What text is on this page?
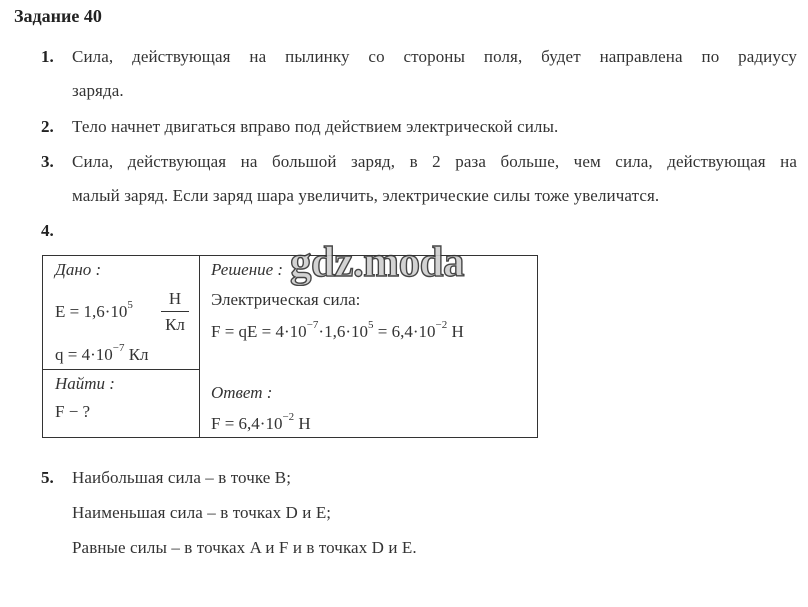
Задание 40
1. Сила, действующая на пылинку со стороны поля, будет направлена по радиусу
заряда.
2. Тело начнет двигаться вправо под действием электрической силы.
3. Сила, действующая на большой заряд, в 2 раза больше, чем сила, действующая на
малый заряд. Если заряд шара увеличить, электрические силы тоже увеличатся.
4.
Дано :
$E = 1,6\cdot 10^5$	Н
Кл
$q = 4\cdot 10^{-7}$ Кл
Найти :
F − ?
Решение :
Электрическая сила:
F = qE = $4\cdot 10^{-7}\cdot 1,6\cdot 10^5 = 6,4\cdot 10^{-2}$ Н
Ответ :
$F = 6,4\cdot 10^{-2}$ Н
gdz.moda
5. Наибольшая сила – в точке B;
Наименьшая сила – в точках D и E;
Равные силы – в точках A и F и в точках D и E.
